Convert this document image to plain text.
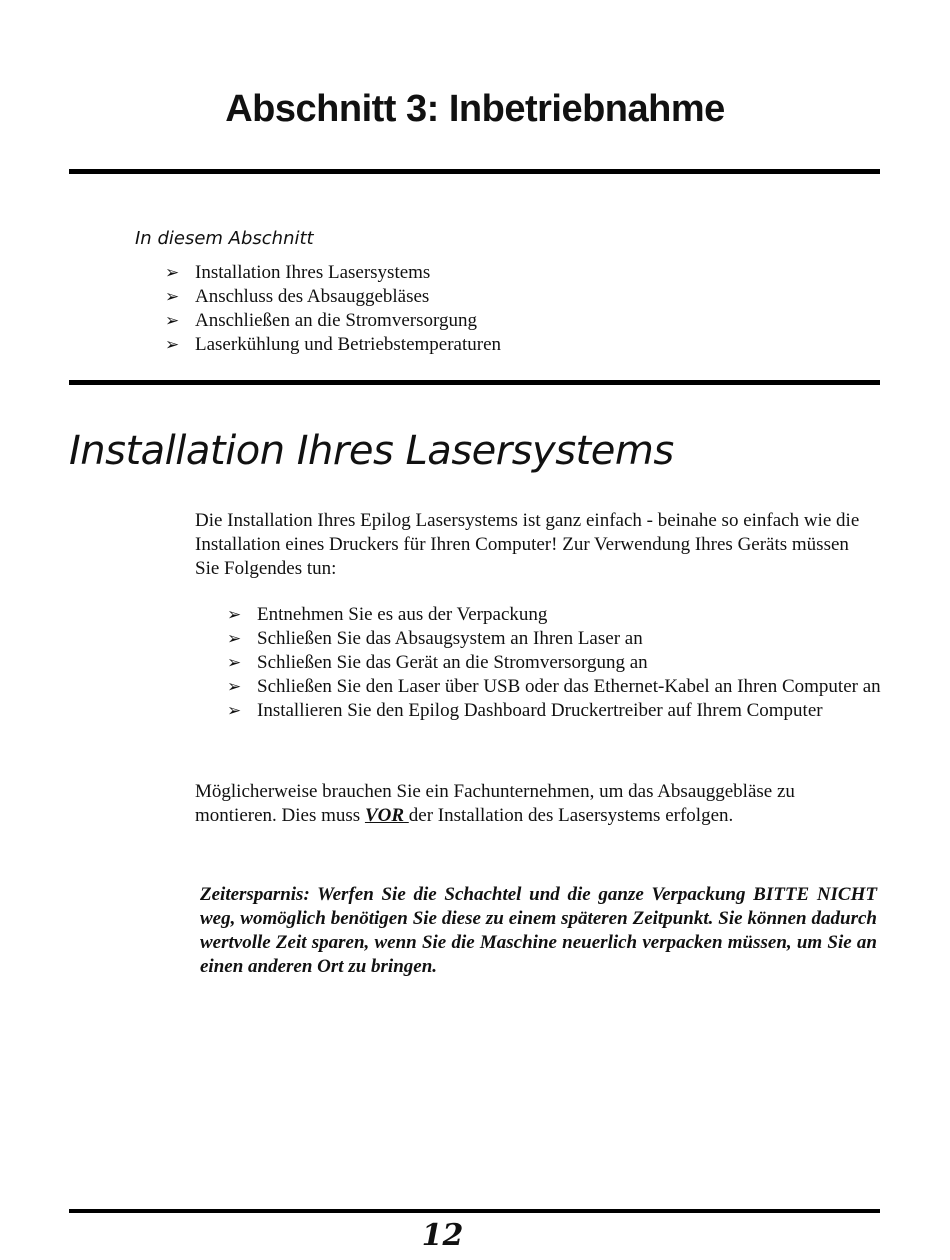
Abschnitt 3: Inbetriebnahme
In diesem Abschnitt
➢ Installation Ihres Lasersystems
➢ Anschluss des Absauggebläses
➢ Anschließen an die Stromversorgung
➢ Laserkühlung und Betriebstemperaturen
Installation Ihres Lasersystems

Die Installation Ihres Epilog Lasersystems ist ganz einfach - beinahe so einfach wie die Installation eines Druckers für Ihren Computer! Zur Verwendung Ihres Geräts müssen Sie Folgendes tun:

➢ Entnehmen Sie es aus der Verpackung
➢ Schließen Sie das Absaugsystem an Ihren Laser an
➢ Schließen Sie das Gerät an die Stromversorgung an
➢ Schließen Sie den Laser über USB oder das Ethernet-Kabel an Ihren Computer an
➢ Installieren Sie den Epilog Dashboard Druckertreiber auf Ihrem Computer

Möglicherweise brauchen Sie ein Fachunternehmen, um das Absauggebläse zu montieren. Dies muss VOR der Installation des Lasersystems erfolgen.

Zeitersparnis: Werfen Sie die Schachtel und die ganze Verpackung BITTE NICHT weg, womöglich benötigen Sie diese zu einem späteren Zeitpunkt. Sie können dadurch wertvolle Zeit sparen, wenn Sie die Maschine neuerlich verpacken müssen, um Sie an einen anderen Ort zu bringen.

12
